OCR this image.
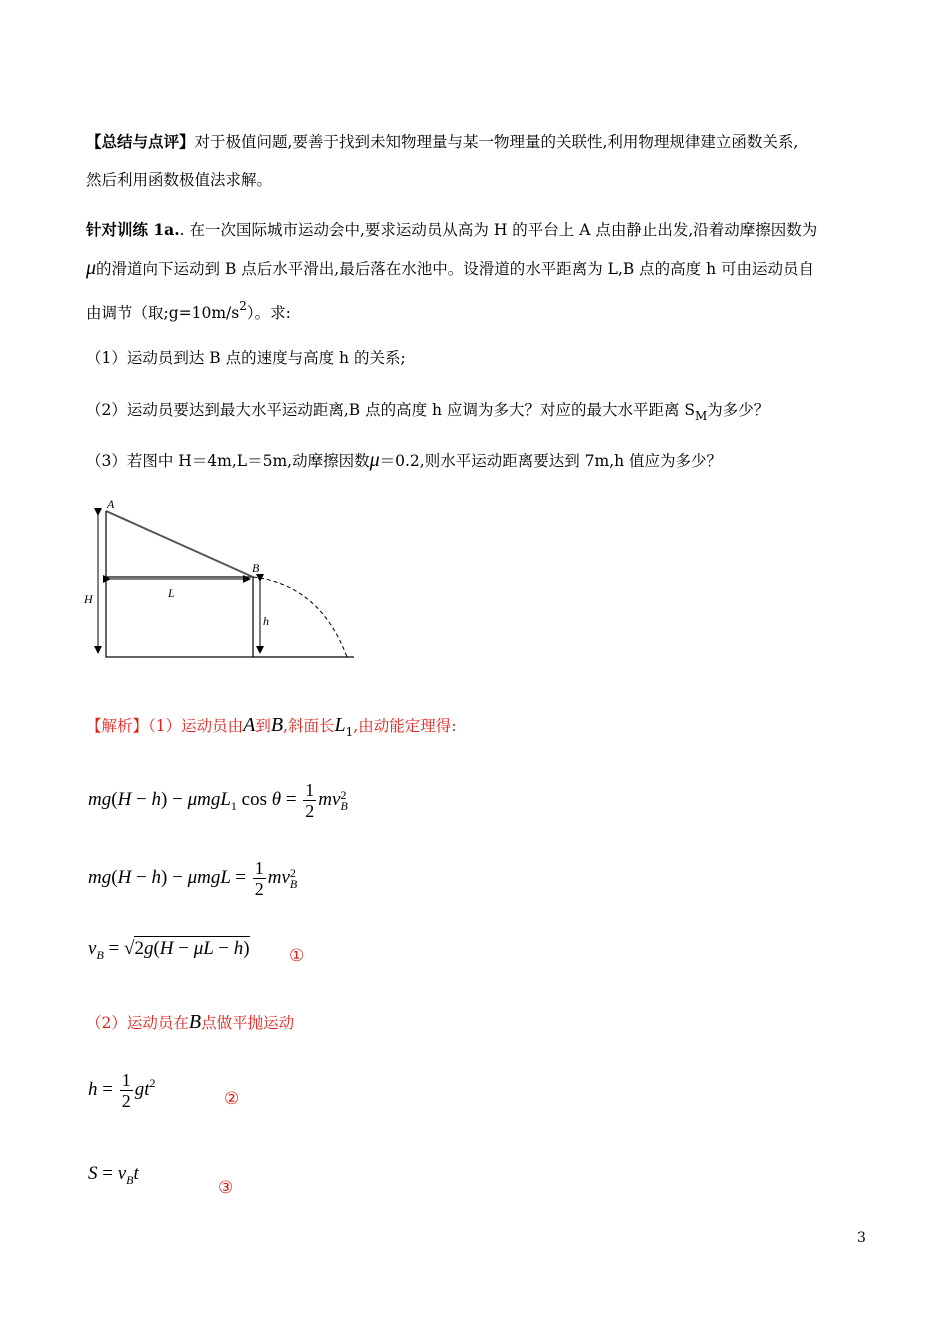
【总结与点评】对于极值问题,要善于找到未知物理量与某一物理量的关联性,利用物理规律建立函数关系,
然后利用函数极值法求解。
针对训练 1a.. 在一次国际城市运动会中,要求运动员从高为 H 的平台上 A 点由静止出发,沿着动摩擦因数为
μ的滑道向下运动到 B 点后水平滑出,最后落在水池中。设滑道的水平距离为 L,B 点的高度 h 可由运动员自
由调节（取$;g=10m/s^2$）。求:
（1）运动员到达 B 点的速度与高度 h 的关系;
（2）运动员要达到最大水平运动距离,B 点的高度 h 应调为多大？对应的最大水平距离 $S_M$为多少？
（3）若图中 H＝4m,L＝5m,动摩擦因数μ＝0.2,则水平运动距离要达到 7m,h 值应为多少？
A
B
H	L
h
【解析】（1）运动员由A到B,斜面长$L_1$,由动能定理得:
mg(H − h) − μmgL$_1$ $\cos \theta = \frac{1}{2}$ mv 2
B
$mg(H - h) - \mu mgL = \frac{1}{2}$ mv 2
B
$v_B = √2g(H - \mu L - h)$ ①
（2）运动员在B点做平抛运动
$h = \frac{1}{2} gt^2$
②
$S = v_Bt$
③
3
